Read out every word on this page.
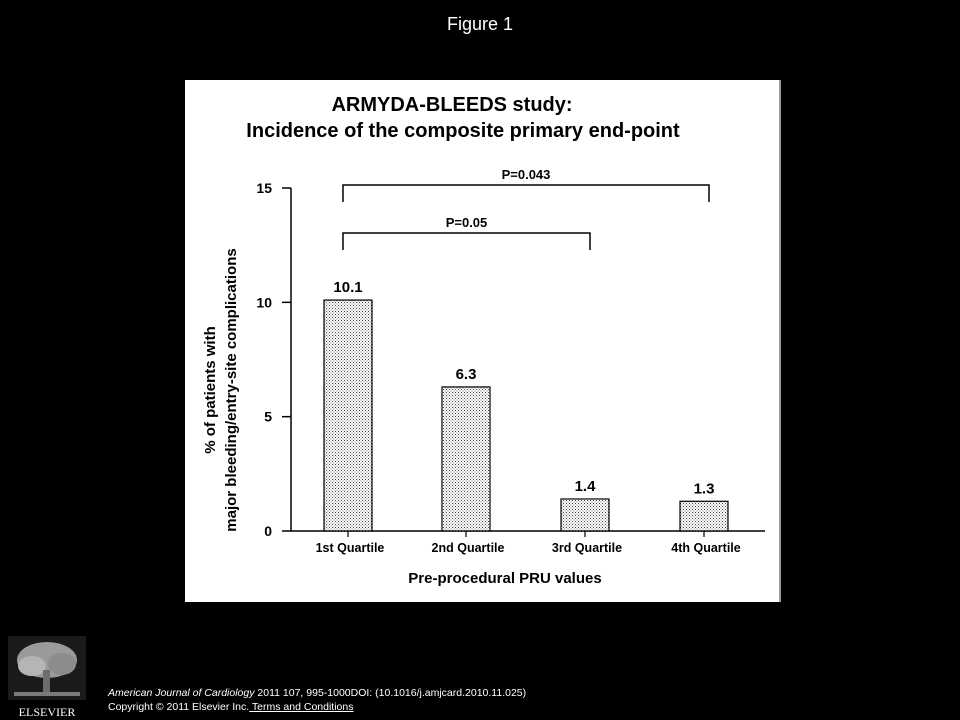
Figure 1
ARMYDA-BLEEDS study:
Incidence of the composite primary end-point
% of patients with major bleeding/entry-site complications
Pre-procedural PRU values
0
5
10
15
10.1
1st Quartile
6.3
2nd Quartile
1.4
3rd Quartile
1.3
4th Quartile
P=0.05
P=0.043
ELSEVIER
American Journal of Cardiology 2011 107, 995-1000DOI: (10.1016/j.amjcard.2010.11.025)
Copyright © 2011 Elsevier Inc. Terms and Conditions
